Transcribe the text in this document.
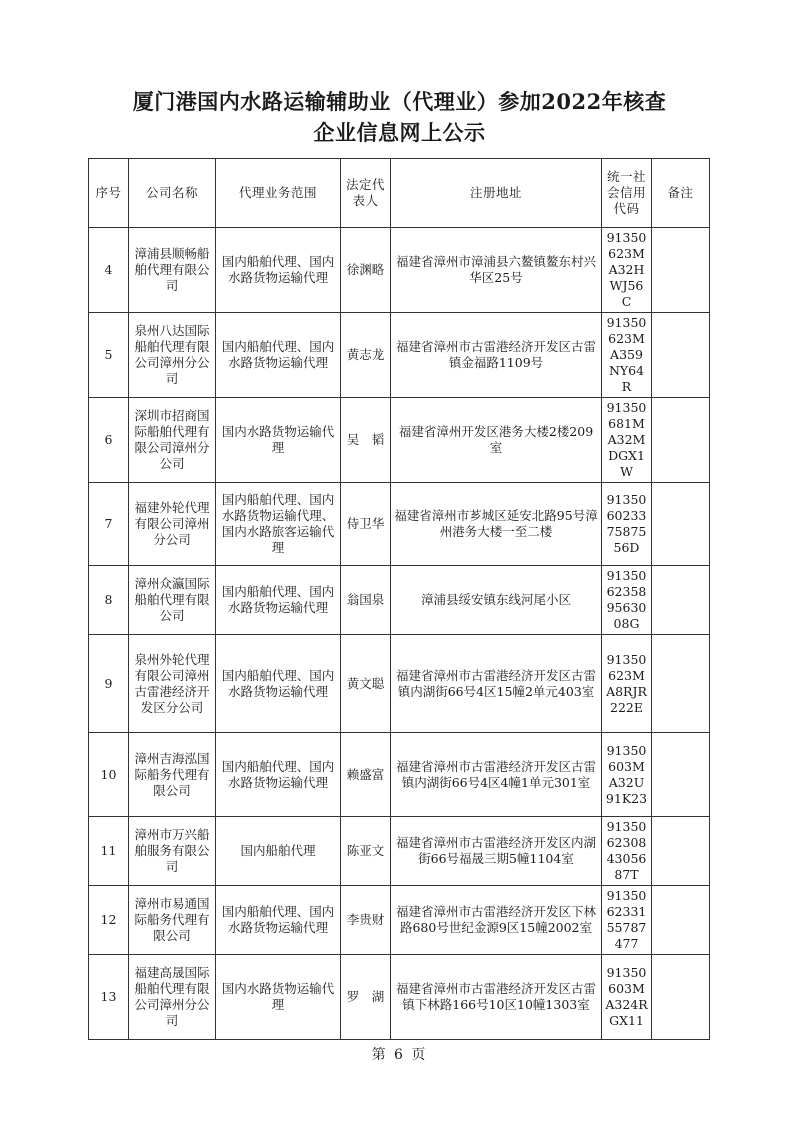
厦门港国内水路运输辅助业（代理业）参加2022年核查
企业信息网上公示
序号	公司名称	代理业务范围	法定代表人	注册地址	统一社会信用代码	备注
4	漳浦县顺畅船舶代理有限公司	国内船舶代理、国内水路货物运输代理	徐渊略	福建省漳州市漳浦县六鳌镇鳌东村兴华区25号	91350623MA32HWJ56C	
5	泉州八达国际船舶代理有限公司漳州分公司	国内船舶代理、国内水路货物运输代理	黄志龙	福建省漳州市古雷港经济开发区古雷镇金福路1109号	91350623MA359NY64R	
6	深圳市招商国际船舶代理有限公司漳州分公司	国内水路货物运输代理	吴　韬	福建省漳州开发区港务大楼2楼209室	91350681MA32MDGX1W	
7	福建外轮代理有限公司漳州分公司	国内船舶代理、国内水路货物运输代理、国内水路旅客运输代理	侍卫华	福建省漳州市芗城区延安北路95号漳州港务大楼一至二楼	91350602337587556D	
8	漳州众瀛国际船舶代理有限公司	国内船舶代理、国内水路货物运输代理	翁国泉	漳浦县绥安镇东线河尾小区	91350623589563008G	
9	泉州外轮代理有限公司漳州古雷港经济开发区分公司	国内船舶代理、国内水路货物运输代理	黄文聪	福建省漳州市古雷港经济开发区古雷镇内湖街66号4区15幢2单元403室	91350623MA8RJR222E	
10	漳州吉海泓国际船务代理有限公司	国内船舶代理、国内水路货物运输代理	赖盛富	福建省漳州市古雷港经济开发区古雷镇内湖街66号4区4幢1单元301室	91350603MA32U91K23	
11	漳州市万兴船舶服务有限公司	国内船舶代理	陈亚文	福建省漳州市古雷港经济开发区内湖街66号福晟三期5幢1104室	91350623084305687T	
12	漳州市易通国际船务代理有限公司	国内船舶代理、国内水路货物运输代理	李贵财	福建省漳州市古雷港经济开发区下林路680号世纪金源9区15幢2002室	913506233155787477	
13	福建高晟国际船舶代理有限公司漳州分公司	国内水路货物运输代理	罗　湖	福建省漳州市古雷港经济开发区古雷镇下林路166号10区10幢1303室	91350603MA324RGX11	
第 6 页
